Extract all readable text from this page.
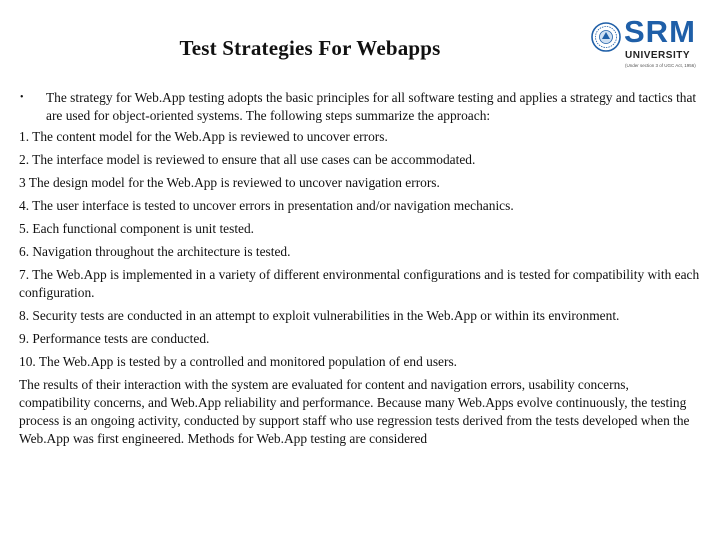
Test Strategies For Webapps	SRM
UNIVERSITY
(Under section 3 of UGC Act, 1956)
• The strategy for Web.App testing adopts the basic principles for all software testing and applies a strategy and tactics that are used for object-oriented systems. The following steps summarize the approach:
1. The content model for the Web.App is reviewed to uncover errors.
2. The interface model is reviewed to ensure that all use cases can be accommodated.
3 The design model for the Web.App is reviewed to uncover navigation errors.
4. The user interface is tested to uncover errors in presentation and/or navigation mechanics.
5. Each functional component is unit tested.
6. Navigation throughout the architecture is tested.
7. The Web.App is implemented in a variety of different environmental configurations and is tested for compatibility with each configuration.
8. Security tests are conducted in an attempt to exploit vulnerabilities in the Web.App or within its environment.
9. Performance tests are conducted.
10. The Web.App is tested by a controlled and monitored population of end users.
The results of their interaction with the system are evaluated for content and navigation errors, usability concerns, compatibility concerns, and Web.App reliability and performance. Because many Web.Apps evolve continuously, the testing process is an ongoing activity, conducted by support staff who use regression tests derived from the tests developed when the Web.App was first engineered. Methods for Web.App testing are considered
